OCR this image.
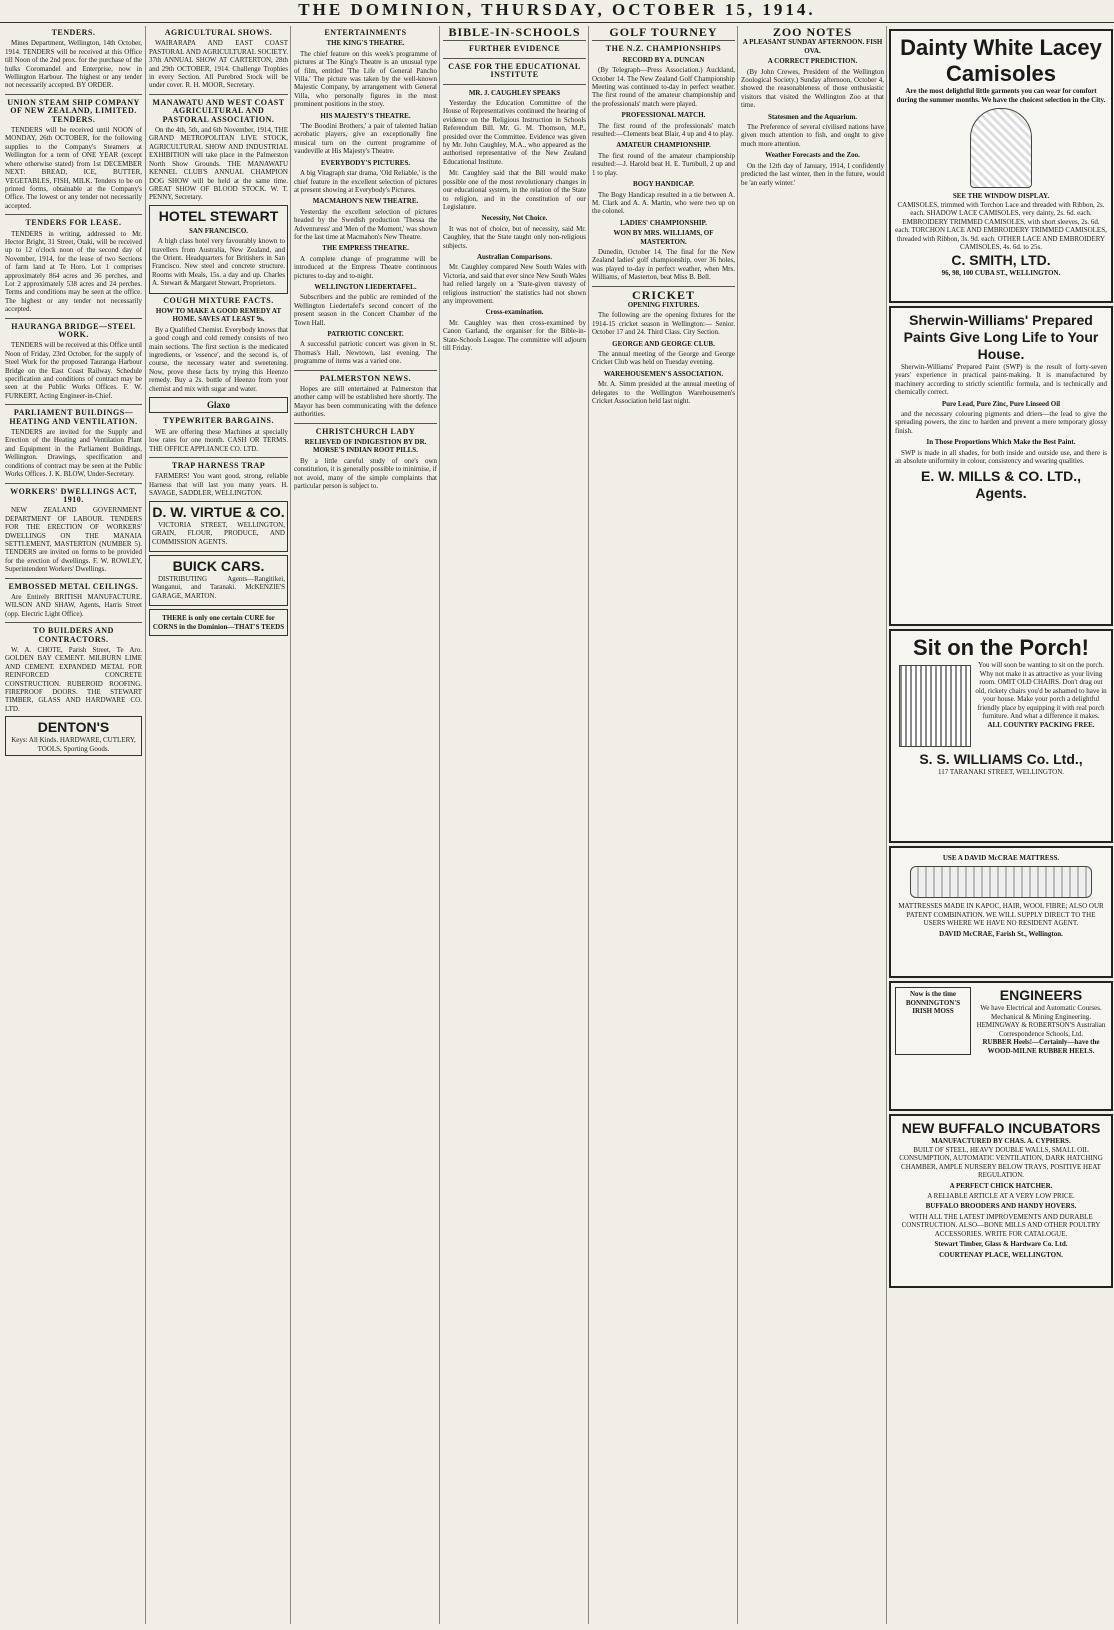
THE DOMINION, THURSDAY, OCTOBER 15, 1914.
TENDERS.

Mines Department, Wellington, 14th October, 1914. TENDERS will be received at this Office till Noon of the 2nd prox. for the purchase of the hulks Coromandel and Enterprise, now in Wellington Harbour. The highest or any tender not necessarily accepted. BY ORDER.

UNION STEAM SHIP COMPANY OF NEW ZEALAND, LIMITED. TENDERS.

TENDERS will be received until NOON of MONDAY, 26th OCTOBER, for the following supplies to the Company's Steamers at Wellington for a term of ONE YEAR (except where otherwise stated) from 1st DECEMBER NEXT: BREAD, ICE, BUTTER, VEGETABLES, FISH, MILK. Tenders to be on printed forms, obtainable at the Company's Office. The lowest or any tender not necessarily accepted.

TENDERS FOR LEASE.

TENDERS in writing, addressed to Mr. Hector Bright, 31 Street, Otaki, will be received up to 12 o'clock noon of the second day of November, 1914, for the lease of two Sections of farm land at Te Horo. Lot 1 comprises approximately 864 acres and 36 perches, and Lot 2 approximately 538 acres and 24 perches. Terms and conditions may be seen at the office. The highest or any tender not necessarily accepted.

HAURANGA BRIDGE—STEEL WORK.

TENDERS will be received at this Office until Noon of Friday, 23rd October, for the supply of Steel Work for the proposed Tauranga Harbour Bridge on the East Coast Railway. Schedule specification and conditions of contract may be seen at the Public Works Offices. F. W. FURKERT, Acting Engineer-in-Chief.

PARLIAMENT BUILDINGS—HEATING AND VENTILATION.

TENDERS are invited for the Supply and Erection of the Heating and Ventilation Plant and Equipment in the Parliament Buildings, Wellington. Drawings, specification and conditions of contract may be seen at the Public Works Offices. J. K. BLOW, Under-Secretary.

WORKERS' DWELLINGS ACT, 1910.

NEW ZEALAND GOVERNMENT DEPARTMENT OF LABOUR. TENDERS FOR THE ERECTION OF WORKERS' DWELLINGS ON THE MANAIA SETTLEMENT, MASTERTON (NUMBER 5). TENDERS are invited on forms to be provided for the erection of dwellings. F. W. ROWLEY, Superintendent Workers' Dwellings.

EMBOSSED METAL CEILINGS.

Are Entirely BRITISH MANUFACTURE. WILSON AND SHAW, Agents, Harris Street (opp. Electric Light Office).

TO BUILDERS AND CONTRACTORS.

W. A. CHOTE, Parish Street, Te Aro. GOLDEN BAY CEMENT. MILBURN LIME AND CEMENT. EXPANDED METAL FOR REINFORCED CONCRETE CONSTRUCTION. RUBEROID ROOFING. FIREPROOF DOORS. THE STEWART TIMBER, GLASS AND HARDWARE CO. LTD.

DENTON'S
Keys: All Kinds. HARDWARE, CUTLERY, TOOLS, Sporting Goods.
AGRICULTURAL SHOWS.

WAIRARAPA AND EAST COAST PASTORAL AND AGRICULTURAL SOCIETY. 37th ANNUAL SHOW AT CARTERTON, 28th and 29th OCTOBER, 1914. Challenge Trophies in every Section. All Purebred Stock will be under cover. R. H. MOOR, Secretary.

MANAWATU AND WEST COAST AGRICULTURAL AND PASTORAL ASSOCIATION.

On the 4th, 5th, and 6th November, 1914, THE GRAND METROPOLITAN LIVE STOCK, AGRICULTURAL SHOW AND INDUSTRIAL EXHIBITION will take place in the Palmerston North Show Grounds. THE MANAWATU KENNEL CLUB'S ANNUAL CHAMPION DOG SHOW will be held at the same time. GREAT SHOW OF BLOOD STOCK. W. T. PENNY, Secretary.

HOTEL STEWART
SAN FRANCISCO.

A high class hotel very favourably known to travellers from Australia, New Zealand, and the Orient. Headquarters for Britishers in San Francisco. New steel and concrete structure. Rooms with Meals, 15s. a day and up. Charles A. Stewart & Margaret Stewart, Proprietors.

COUGH MIXTURE FACTS.
HOW TO MAKE A GOOD REMEDY AT HOME. SAVES AT LEAST 9s.

By a Qualified Chemist. Everybody knows that a good cough and cold remedy consists of two main sections. The first section is the medicated ingredients, or 'essence', and the second is, of course, the necessary water and sweetening. Now, prove these facts by trying this Heenzo remedy. Buy a 2s. bottle of Heenzo from your chemist and mix with sugar and water.

Glaxo
TYPEWRITER BARGAINS.

WE are offering these Machines at specially low rates for one month. CASH OR TERMS. THE OFFICE APPLIANCE CO. LTD.

TRAP HARNESS TRAP

FARMERS! You want good, strong, reliable Harness that will last you many years. H. SAVAGE, SADDLER, WELLINGTON.

D. W. VIRTUE & CO.

VICTORIA STREET, WELLINGTON, GRAIN, FLOUR, PRODUCE, AND COMMISSION AGENTS.

BUICK CARS.

DISTRIBUTING Agents—Rangitikei, Wanganui, and Taranaki. McKENZIE'S GARAGE, MARTON.

THERE is only one certain CURE for CORNS in the Dominion—THAT'S TEEDS
ENTERTAINMENTS
THE KING'S THEATRE.

The chief feature on this week's programme of pictures at The King's Theatre is an unusual type of film, entitled 'The Life of General Pancho Villa.' The picture was taken by the well-known Majestic Company, by arrangement with General Villa, who personally figures in the most prominent positions in the story.

HIS MAJESTY'S THEATRE.

'The Boodini Brothers,' a pair of talented Italian acrobatic players, give an exceptionally fine musical turn on the current programme of vaudeville at His Majesty's Theatre.

EVERYBODY'S PICTURES.

A big Vitagraph star drama, 'Old Reliable,' is the chief feature in the excellent selection of pictures at present showing at Everybody's Pictures.

MACMAHON'S NEW THEATRE.

Yesterday the excellent selection of pictures headed by the Swedish production 'Thessa the Adventuress' and 'Men of the Moment,' was shown for the last time at Macmahon's New Theatre.

THE EMPRESS THEATRE.

A complete change of programme will be introduced at the Empress Theatre continuous pictures to-day and to-night.

WELLINGTON LIEDERTAFEL.

Subscribers and the public are reminded of the Wellington Liedertafel's second concert of the present season in the Concert Chamber of the Town Hall.

PATRIOTIC CONCERT.

A successful patriotic concert was given in St. Thomas's Hall, Newtown, last evening. The programme of items was a varied one.

PALMERSTON NEWS.

Hopes are still entertained at Palmerston that another camp will be established here shortly. The Mayor has been communicating with the defence authorities.

CHRISTCHURCH LADY
RELIEVED OF INDIGESTION BY DR. MORSE'S INDIAN ROOT PILLS.

By a little careful study of one's own constitution, it is generally possible to minimise, if not avoid, many of the simple complaints that particular person is subject to.

BIBLE-IN-SCHOOLS
FURTHER EVIDENCE
CASE FOR THE EDUCATIONAL INSTITUTE
MR. J. CAUGHLEY SPEAKS

Yesterday the Education Committee of the House of Representatives continued the hearing of evidence on the Religious Instruction in Schools Referendum Bill. Mr. G. M. Thomson, M.P., presided over the Committee. Evidence was given by Mr. John Caughley, M.A., who appeared as the authorised representative of the New Zealand Educational Institute.

Mr. Caughley said that the Bill would make possible one of the most revolutionary changes in our educational system, in the relation of the State to religion, and in the constitution of our Legislature.

Necessity, Not Choice.

It was not of choice, but of necessity, said Mr. Caughley, that the State taught only non-religious subjects.

Australian Comparisons.

Mr. Caughley compared New South Wales with Victoria, and said that ever since New South Wales had relied largely on a 'State-given travesty of religious instruction' the statistics had not shown any improvement.

Cross-examination.

Mr. Caughley was then cross-examined by Canon Garland, the organiser for the Bible-in-State-Schools League. The committee will adjourn till Friday.

GOLF TOURNEY
THE N.Z. CHAMPIONSHIPS
RECORD BY A. DUNCAN

(By Telegraph—Press Association.) Auckland, October 14. The New Zealand Golf Championship Meeting was continued to-day in perfect weather. The first round of the amateur championship and the professionals' match were played.

PROFESSIONAL MATCH.

The first round of the professionals' match resulted:—Clements beat Blair, 4 up and 4 to play.

AMATEUR CHAMPIONSHIP.

The first round of the amateur championship resulted:—J. Harold beat H. E. Turnbull, 2 up and 1 to play.

BOGY HANDICAP.

The Bogy Handicap resulted in a tie between A. M. Clark and A. A. Martin, who were two up on the colonel.

LADIES' CHAMPIONSHIP.
WON BY MRS. WILLIAMS, OF MASTERTON.

Dunedin, October 14. The final for the New Zealand ladies' golf championship, over 36 holes, was played to-day in perfect weather, when Mrs. Williams, of Masterton, beat Miss B. Bell.

CRICKET
OPENING FIXTURES.

The following are the opening fixtures for the 1914-15 cricket season in Wellington:— Senior. October 17 and 24. Third Class. City Section.

GEORGE AND GEORGE CLUB.

The annual meeting of the George and George Cricket Club was held on Tuesday evening.

WAREHOUSEMEN'S ASSOCIATION.

Mr. A. Simm presided at the annual meeting of delegates to the Wellington Warehousemen's Cricket Association held last night.

ZOO NOTES
A PLEASANT SUNDAY AFTERNOON. FISH OVA.
A CORRECT PREDICTION.

(By John Crewes, President of the Wellington Zoological Society.) Sunday afternoon, October 4, showed the reasonableness of those enthusiastic visitors that visited the Wellington Zoo at that time.

Statesmen and the Aquarium.

The Preference of several civilised nations have given much attention to fish, and ought to give much more attention.

Weather Forecasts and the Zoo.

On the 12th day of January, 1914, I confidently predicted the last winter, then in the future, would be 'an early winter.'

Dainty White Lacey Camisoles
Are the most delightful little garments you can wear for comfort during the summer months. We have the choicest selection in the City.
SEE THE WINDOW DISPLAY.
CAMISOLES, trimmed with Torchon Lace and threaded with Ribbon, 2s. each. SHADOW LACE CAMISOLES, very dainty, 2s. 6d. each. EMBROIDERY TRIMMED CAMISOLES, with short sleeves, 2s. 6d. each. TORCHON LACE AND EMBROIDERY TRIMMED CAMISOLES, threaded with Ribbon, 3s. 9d. each. OTHER LACE AND EMBROIDERY CAMISOLES, 4s. 6d. to 25s.
C. SMITH, LTD.
96, 98, 100 CUBA ST., WELLINGTON.
Sherwin-Williams' Prepared Paints Give Long Life to Your House.

Sherwin-Williams' Prepared Paint (SWP) is the result of forty-seven years' experience in practical paint-making. It is manufactured by machinery according to strictly scientific formula, and is technically and chemically correct.

Pure Lead, Pure Zinc, Pure Linseed Oil

and the necessary colouring pigments and driers—the lead to give the spreading powers, the zinc to harden and prevent a mere temporary glossy finish.

In Those Proportions Which Make the Best Paint.

SWP is made in all shades, for both inside and outside use, and there is an absolute uniformity in colour, consistency and wearing qualities.

E. W. MILLS & CO. LTD., Agents.
Sit on the Porch!
You will soon be wanting to sit on the porch. Why not make it as attractive as your living room. OMIT OLD CHAIRS. Don't drag out old, rickety chairs you'd be ashamed to have in your house. Make your porch a delightful friendly place by equipping it with real porch furniture. And what a difference it makes.
ALL COUNTRY PACKING FREE.
S. S. WILLIAMS Co. Ltd.,
117 TARANAKI STREET, WELLINGTON.
USE A DAVID McCRAE MATTRESS.
MATTRESSES MADE IN KAPOC, HAIR, WOOL FIBRE; ALSO OUR PATENT COMBINATION. WE WILL SUPPLY DIRECT TO THE USERS WHERE WE HAVE NO RESIDENT AGENT.
DAVID McCRAE, Farish St., Wellington.
Now is the time BONNINGTON'S IRISH MOSS
ENGINEERS
We have Electrical and Automatic Courses. Mechanical & Mining Engineering. HEMINGWAY & ROBERTSON'S Australian Correspondence Schools, Ltd.
RUBBER Heels!—Certainly—have the WOOD-MILNE RUBBER HEELS.
NEW BUFFALO INCUBATORS
MANUFACTURED BY CHAS. A. CYPHERS.
BUILT OF STEEL, HEAVY DOUBLE WALLS, SMALL OIL CONSUMPTION, AUTOMATIC VENTILATION, DARK HATCHING CHAMBER, AMPLE NURSERY BELOW TRAYS, POSITIVE HEAT REGULATION.
A PERFECT CHICK HATCHER.
A RELIABLE ARTICLE AT A VERY LOW PRICE.
BUFFALO BROODERS AND HANDY HOVERS.
WITH ALL THE LATEST IMPROVEMENTS AND DURABLE CONSTRUCTION. ALSO—BONE MILLS AND OTHER POULTRY ACCESSORIES. WRITE FOR CATALOGUE.
Stewart Timber, Glass & Hardware Co. Ltd.
COURTENAY PLACE, WELLINGTON.
